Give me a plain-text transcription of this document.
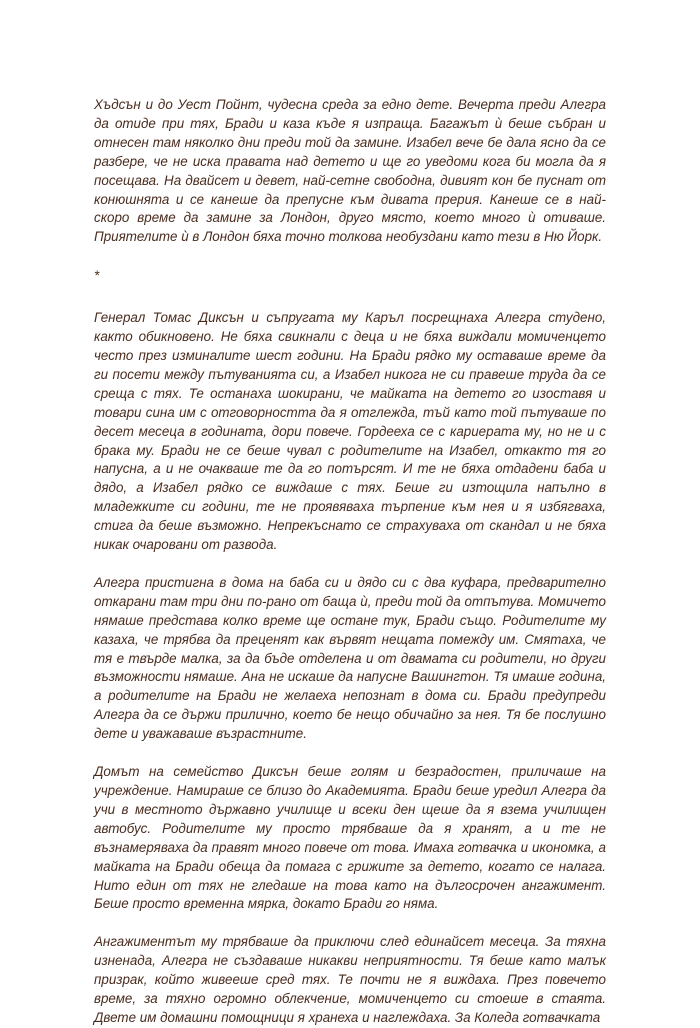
Хъдсън и до Уест Пойнт, чудесна среда за едно дете. Вечерта преди Алегра да отиде при тях, Бради и каза къде я изпраща. Багажът ѝ беше събран и отнесен там няколко дни преди той да замине. Изабел вече бе дала ясно да се разбере, че не иска правата над детето и ще го уведоми кога би могла да я посещава. На двайсет и девет, най-сетне свободна, дивият кон бе пуснат от конюшнята и се канеше да препусне към дивата прерия. Канеше се в най-скоро време да замине за Лондон, друго място, което много ѝ отиваше. Приятелите ѝ в Лондон бяха точно толкова необуздани като тези в Ню Йорк.

*

Генерал Томас Диксън и съпругата му Каръл посрещнаха Алегра студено, както обикновено. Не бяха свикнали с деца и не бяха виждали момиченцето често през изминалите шест години. На Бради рядко му оставаше време да ги посети между пътуванията си, а Изабел никога не си правеше труда да се среща с тях. Те останаха шокирани, че майката на детето го изоставя и товари сина им с отговорността да я отглежда, тъй като той пътуваше по десет месеца в годината, дори повече. Гордееха се с кариерата му, но не и с брака му. Бради не се беше чувал с родителите на Изабел, откакто тя го напусна, а и не очакваше те да го потърсят. И те не бяха отдадени баба и дядо, а Изабел рядко се виждаше с тях. Беше ги изтощила напълно в младежките си години, те не проявяваха търпение към нея и я избягваха, стига да беше възможно. Непрекъснато се страхуваха от скандал и не бяха никак очаровани от развода.

Алегра пристигна в дома на баба си и дядо си с два куфара, предварително откарани там три дни по-рано от баща ѝ, преди той да отпътува. Момичето нямаше представа колко време ще остане тук, Бради също. Родителите му казаха, че трябва да преценят как вървят нещата помежду им. Смятаха, че тя е твърде малка, за да бъде отделена и от двамата си родители, но други възможности нямаше. Ана не искаше да напусне Вашингтон. Тя имаше година, а родителите на Бради не желаеха непознат в дома си. Бради предупреди Алегра да се държи прилично, което бе нещо обичайно за нея. Тя бе послушно дете и уважаваше възрастните.

Домът на семейство Диксън беше голям и безрадостен, приличаше на учреждение. Намираше се близо до Академията. Бради беше уредил Алегра да учи в местното държавно училище и всеки ден щеше да я взема училищен автобус. Родителите му просто трябваше да я хранят, а и те не възнамеряваха да правят много повече от това. Имаха готвачка и икономка, а майката на Бради обеща да помага с грижите за детето, когато се налага. Нито един от тях не гледаше на това като на дългосрочен ангажимент. Беше просто временна мярка, докато Бради го няма.

Ангажиментът му трябваше да приключи след единайсет месеца. За тяхна изненада, Алегра не създаваше никакви неприятности. Тя беше като малък призрак, който живееше сред тях. Те почти не я виждаха. През повечето време, за тяхно огромно облекчение, момиченцето си стоеше в стаята. Двете им домашни помощници я хранеха и наглеждаха. За Коледа готвачката
